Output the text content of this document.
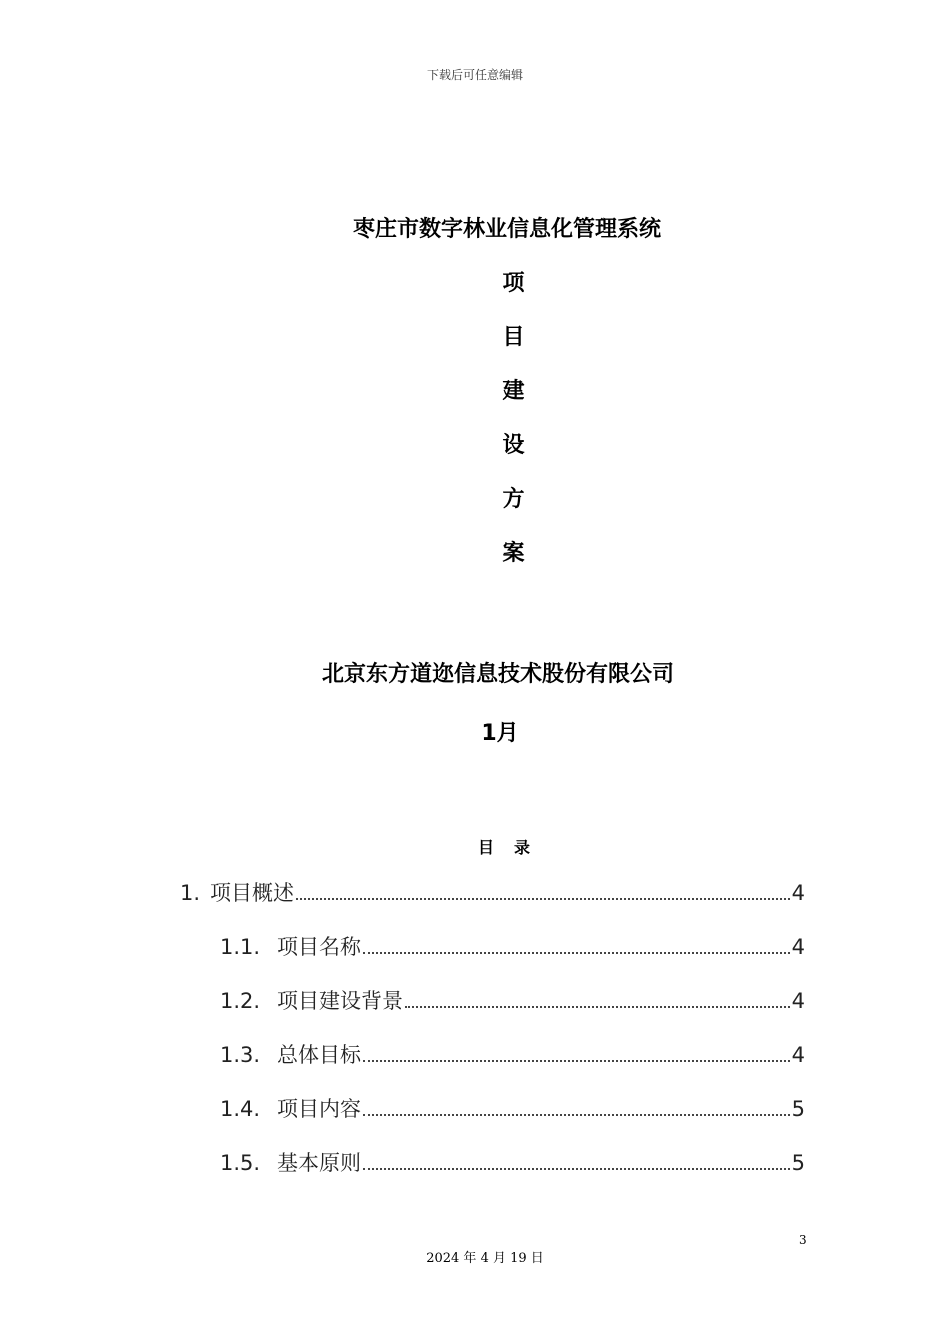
下载后可任意编辑
枣庄市数字林业信息化管理系统
项
目
建
设
方
案
北京东方道迩信息技术股份有限公司
1月
目 录
1. 项目概述	4
1.1. 项目名称	4
1.2. 项目建设背景	4
1.3. 总体目标	4
1.4. 项目内容	5
1.5. 基本原则	5
3
2024 年 4 月 19 日
